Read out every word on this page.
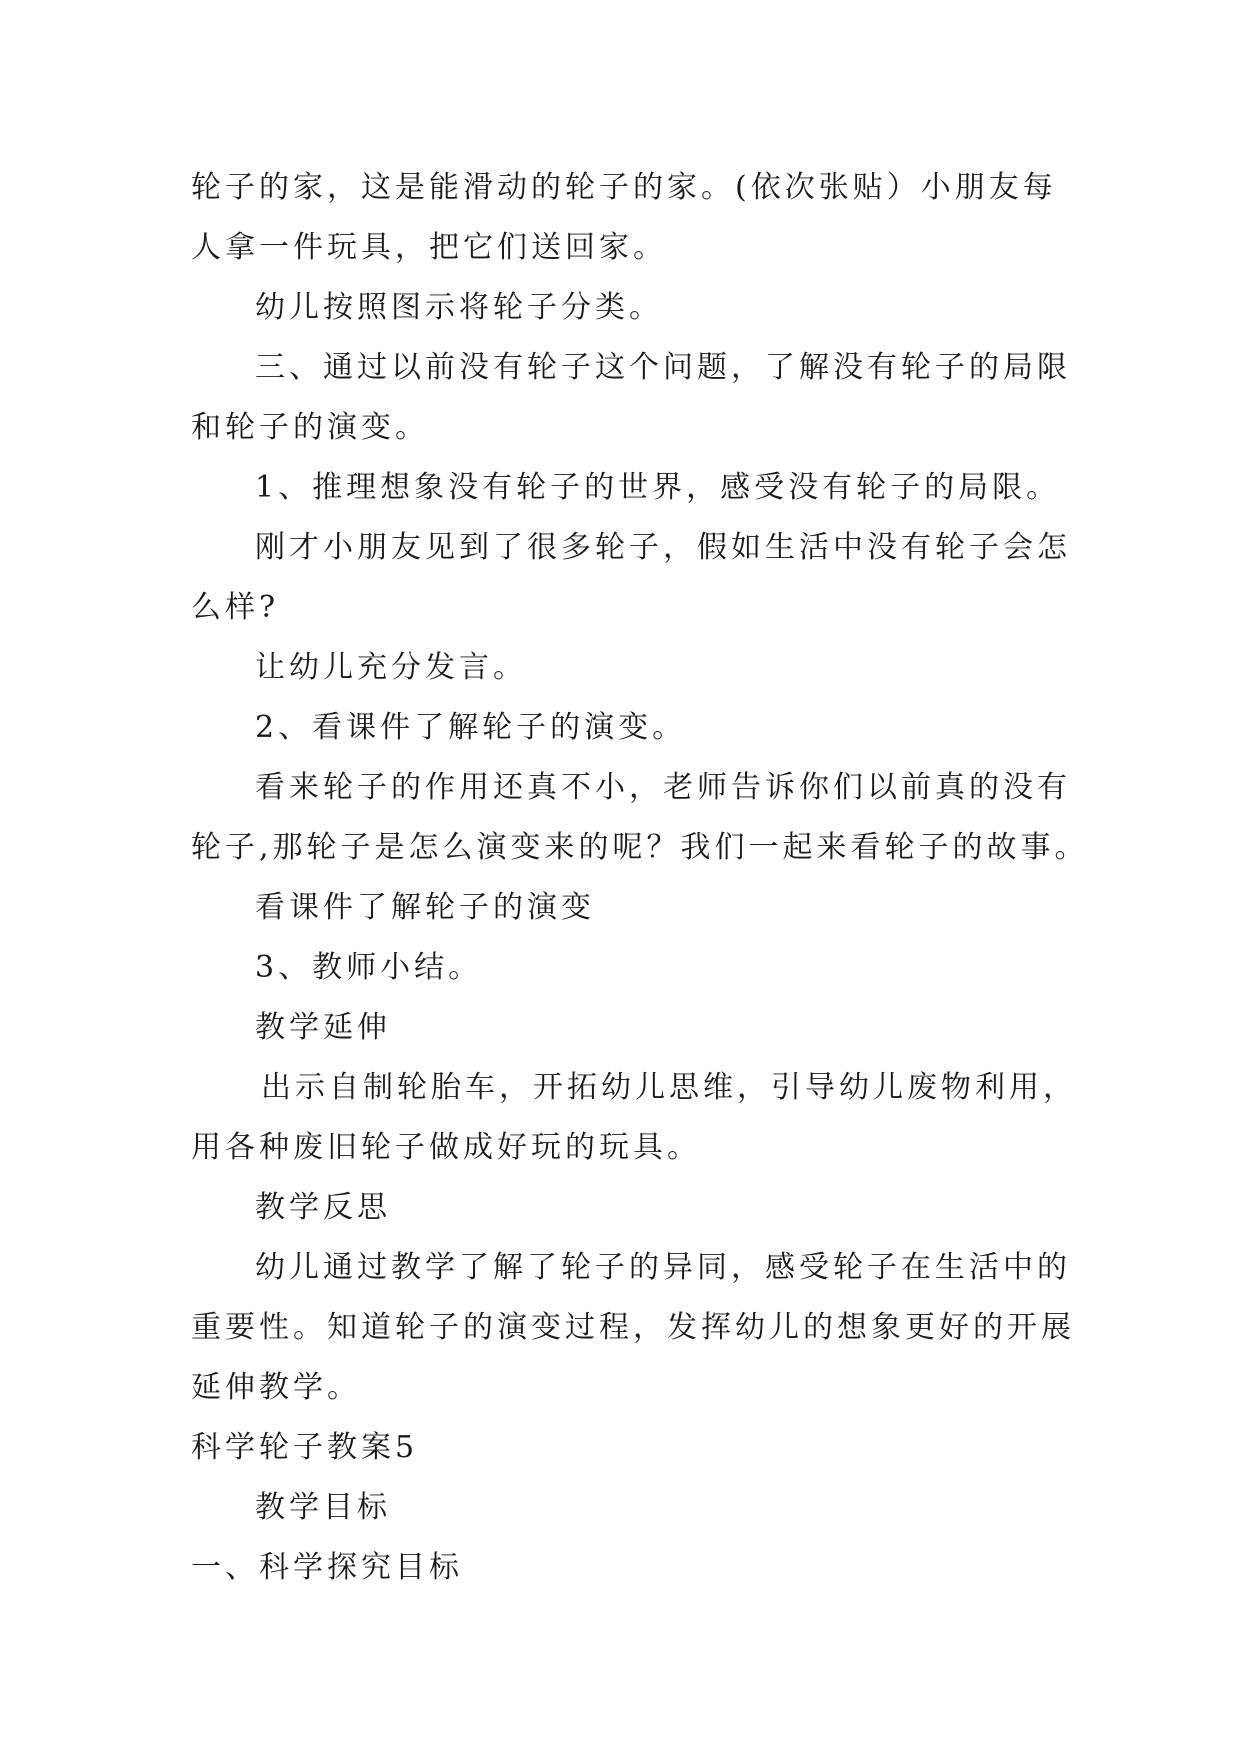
轮子的家，这是能滑动的轮子的家。(依次张贴）小朋友每
人拿一件玩具，把它们送回家。
幼儿按照图示将轮子分类。
三、通过以前没有轮子这个问题，了解没有轮子的局限
和轮子的演变。
1、推理想象没有轮子的世界，感受没有轮子的局限。
刚才小朋友见到了很多轮子，假如生活中没有轮子会怎
么样?
让幼儿充分发言。
2、看课件了解轮子的演变。
看来轮子的作用还真不小，老师告诉你们以前真的没有
轮子,那轮子是怎么演变来的呢？我们一起来看轮子的故事。
看课件了解轮子的演变
3、教师小结。
教学延伸
出示自制轮胎车，开拓幼儿思维，引导幼儿废物利用，
用各种废旧轮子做成好玩的玩具。
教学反思
幼儿通过教学了解了轮子的异同，感受轮子在生活中的
重要性。知道轮子的演变过程，发挥幼儿的想象更好的开展
延伸教学。
科学轮子教案5
教学目标
一、科学探究目标
